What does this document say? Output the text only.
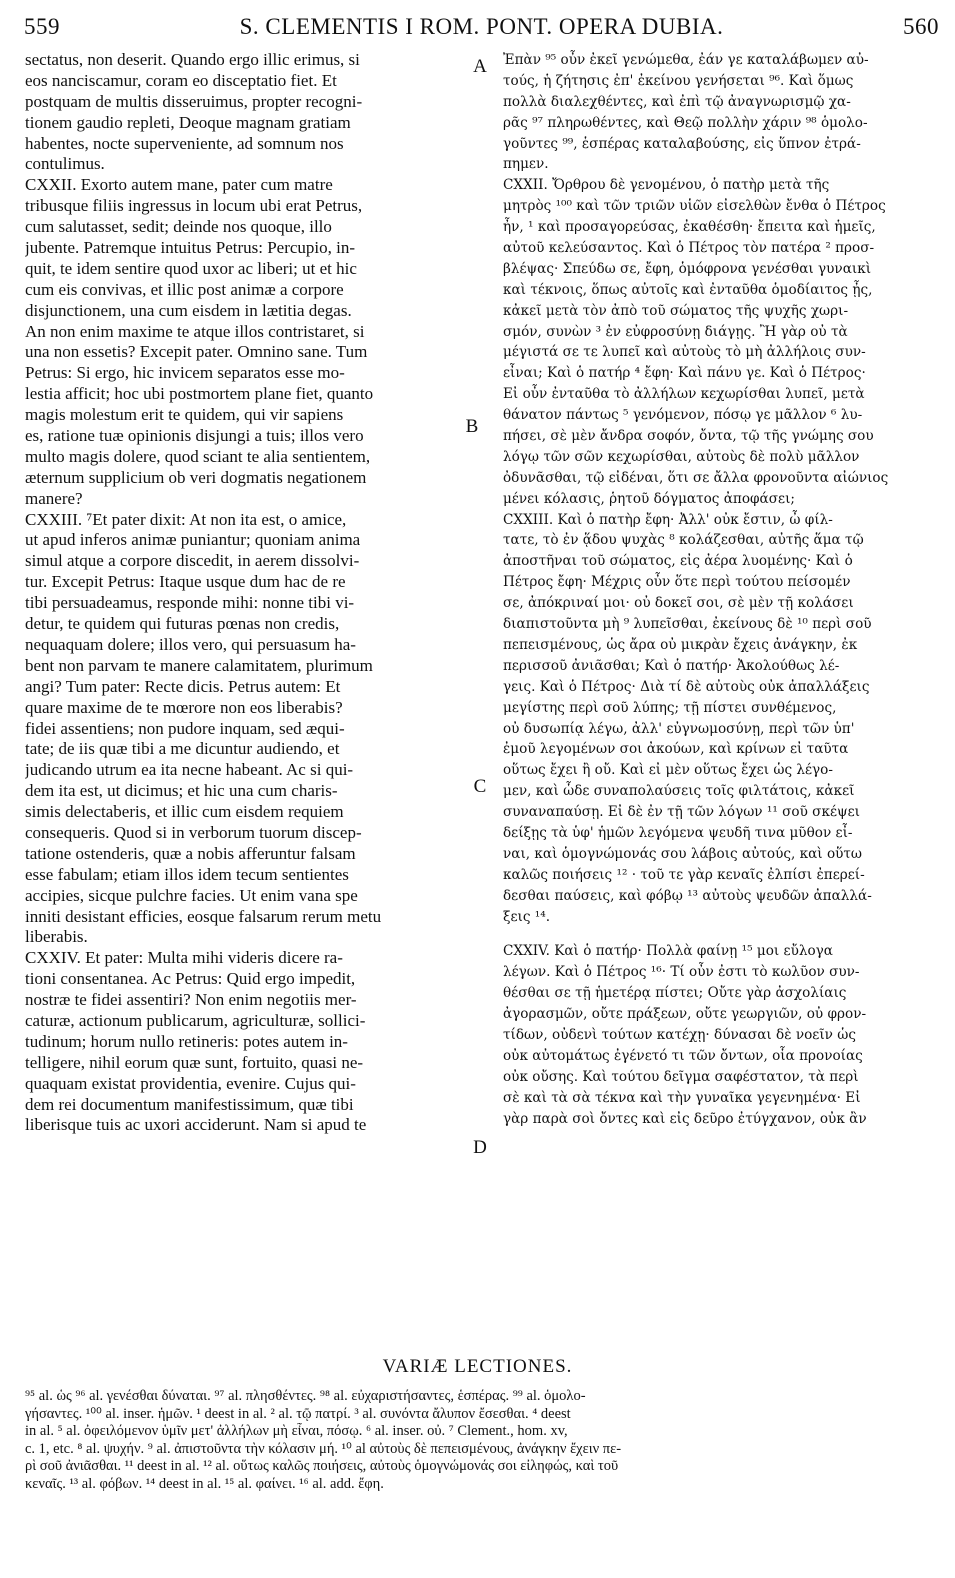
559	S. CLEMENTIS I ROM. PONT. OPERA DUBIA.	560
sectatus, non deserit. Quando ergo illic erimus, si
eos nanciscamur, coram eo disceptatio fiet. Et
postquam de multis disseruimus, propter recogni-
tionem gaudio repleti, Deoque magnam gratiam
habentes, nocte superveniente, ad somnum nos
contulimus.
CXXII. Exorto autem mane, pater cum matre
tribusque filiis ingressus in locum ubi erat Petrus,
cum salutasset, sedit; deinde nos quoque, illo
jubente. Patremque intuitus Petrus: Percupio, in-
quit, te idem sentire quod uxor ac liberi; ut et hic
cum eis convivas, et illic post animæ a corpore
disjunctionem, una cum eisdem in lætitia degas.
An non enim maxime te atque illos contristaret, si
una non essetis? Excepit pater. Omnino sane. Tum
Petrus: Si ergo, hic invicem separatos esse mo-
lestia afficit; hoc ubi postmortem plane fiet, quanto
magis molestum erit te quidem, qui vir sapiens
es, ratione tuæ opinionis disjungi a tuis; illos vero
multo magis dolere, quod sciant te alia sentientem,
æternum supplicium ob veri dogmatis negationem
manere?
CXXIII. ⁷Et pater dixit: At non ita est, o amice,
ut apud inferos animæ puniantur; quoniam anima
simul atque a corpore discedit, in aerem dissolvi-
tur. Excepit Petrus: Itaque usque dum hac de re
tibi persuadeamus, responde mihi: nonne tibi vi-
detur, te quidem qui futuras pœnas non credis,
nequaquam dolere; illos vero, qui persuasum ha-
bent non parvam te manere calamitatem, plurimum
angi? Tum pater: Recte dicis. Petrus autem: Et
quare maxime de te mœrore non eos liberabis?
fidei assentiens; non pudore inquam, sed æqui-
tate; de iis quæ tibi a me dicuntur audiendo, et
judicando utrum ea ita necne habeant. Ac si qui-
dem ita est, ut dicimus; et hic una cum charis-
simis delectaberis, et illic cum eisdem requiem
consequeris. Quod si in verborum tuorum discep-
tatione ostenderis, quæ a nobis afferuntur falsam
esse fabulam; etiam illos idem tecum sentientes
accipies, sicque pulchre facies. Ut enim vana spe
inniti desistant efficies, eosque falsarum rerum metu
liberabis.
CXXIV. Et pater: Multa mihi videris dicere ra-
tioni consentanea. Ac Petrus: Quid ergo impedit,
nostræ te fidei assentiri? Non enim negotiis mer-
caturæ, actionum publicarum, agriculturæ, sollici-
tudinum; horum nullo retineris: potes autem in-
telligere, nihil eorum quæ sunt, fortuito, quasi ne-
quaquam existat providentia, evenire. Cujus qui-
dem rei documentum manifestissimum, quæ tibi
liberisque tuis ac uxori acciderunt. Nam si apud te
Ἐπὰν ⁹⁵ οὖν ἐκεῖ γενώμεθα, ἐάν γε καταλάβωμεν αὐ-
τούς, ἡ ζήτησις ἐπ' ἐκείνου γενήσεται ⁹⁶. Καὶ ὅμως
πολλὰ διαλεχθέντες, καὶ ἐπὶ τῷ ἀναγνωρισμῷ χα-
ρᾶς ⁹⁷ πληρωθέντες, καὶ Θεῷ πολλὴν χάριν ⁹⁸ ὁμολο-
γοῦντες ⁹⁹, ἑσπέρας καταλαβούσης, εἰς ὕπνον ἐτρά-
πημεν.
CXXII. Ὄρθρου δὲ γενομένου, ὁ πατὴρ μετὰ τῆς
μητρὸς ¹⁰⁰ καὶ τῶν τριῶν υἱῶν εἰσελθὼν ἔνθα ὁ Πέτρος
ἦν, ¹ καὶ προσαγορεύσας, ἐκαθέσθη· ἔπειτα καὶ ἡμεῖς,
αὐτοῦ κελεύσαντος. Καὶ ὁ Πέτρος τὸν πατέρα ² προσ-
βλέψας· Σπεύδω σε, ἔφη, ὁμόφρονα γενέσθαι γυναικὶ
καὶ τέκνοις, ὅπως αὐτοῖς καὶ ἐνταῦθα ὁμοδίαιτος ᾖς,
κἀκεῖ μετὰ τὸν ἀπὸ τοῦ σώματος τῆς ψυχῆς χωρι-
σμόν, συνὼν ³ ἐν εὐφροσύνῃ διάγῃς. Ἢ γὰρ οὐ τὰ
μέγιστά σε τε λυπεῖ καὶ αὐτοὺς τὸ μὴ ἀλλήλοις συν-
εἶναι; Καὶ ὁ πατήρ ⁴ ἔφη· Καὶ πάνυ γε. Καὶ ὁ Πέτρος·
Εἰ οὖν ἐνταῦθα τὸ ἀλλήλων κεχωρίσθαι λυπεῖ, μετὰ
θάνατον πάντως ⁵ γενόμενον, πόσῳ γε μᾶλλον ⁶ λυ-
πήσει, σὲ μὲν ἄνδρα σοφόν, ὄντα, τῷ τῆς γνώμης σου
λόγῳ τῶν σῶν κεχωρίσθαι, αὐτοὺς δὲ πολὺ μᾶλλον
ὀδυνᾶσθαι, τῷ εἰδέναι, ὅτι σε ἄλλα φρονοῦντα αἰώνιος
μένει κόλασις, ῥητοῦ δόγματος ἀποφάσει;
CXXIII. Καὶ ὁ πατὴρ ἔφη· Ἀλλ' οὐκ ἔστιν, ὦ φίλ-
τατε, τὸ ἐν ᾅδου ψυχὰς ⁸ κολάζεσθαι, αὐτῆς ἅμα τῷ
ἀποστῆναι τοῦ σώματος, εἰς ἀέρα λυομένης· Καὶ ὁ
Πέτρος ἔφη· Μέχρις οὖν ὅτε περὶ τούτου πείσομέν
σε, ἀπόκριναί μοι· οὐ δοκεῖ σοι, σὲ μὲν τῇ κολάσει
διαπιστοῦντα μὴ ⁹ λυπεῖσθαι, ἐκείνους δὲ ¹⁰ περὶ σοῦ
πεπεισμένους, ὡς ἄρα οὐ μικρὰν ἔχεις ἀνάγκην, ἐκ
περισσοῦ ἀνιᾶσθαι; Καὶ ὁ πατήρ· Ἀκολούθως λέ-
γεις. Καὶ ὁ Πέτρος· Διὰ τί δὲ αὐτοὺς οὐκ ἀπαλλάξεις
μεγίστης περὶ σοῦ λύπης; τῇ πίστει συνθέμενος,
οὐ δυσωπίᾳ λέγω, ἀλλ' εὐγνωμοσύνῃ, περὶ τῶν ὑπ'
ἐμοῦ λεγομένων σοι ἀκούων, καὶ κρίνων εἰ ταῦτα
οὕτως ἔχει ἢ οὔ. Καὶ εἰ μὲν οὕτως ἔχει ὡς λέγο-
μεν, καὶ ὧδε συναπολαύσεις τοῖς φιλτάτοις, κἀκεῖ
συναναπαύσῃ. Εἰ δὲ ἐν τῇ τῶν λόγων ¹¹ σοῦ σκέψει
δείξῃς τὰ ὑφ' ἡμῶν λεγόμενα ψευδῆ τινα μῦθον εἶ-
ναι, καὶ ὁμογνώμονάς σου λάβοις αὐτούς, καὶ οὕτω
καλῶς ποιήσεις ¹² · τοῦ τε γὰρ κεναῖς ἐλπίσι ἐπερεί-
δεσθαι παύσεις, καὶ φόβῳ ¹³ αὐτοὺς ψευδῶν ἀπαλλά-
ξεις ¹⁴.
CXXIV. Καὶ ὁ πατήρ· Πολλὰ φαίνῃ ¹⁵ μοι εὔλογα
λέγων. Καὶ ὁ Πέτρος ¹⁶· Τί οὖν ἐστι τὸ κωλῦον συν-
θέσθαι σε τῇ ἡμετέρᾳ πίστει; Οὔτε γὰρ ἀσχολίαις
ἀγορασμῶν, οὔτε πράξεων, οὔτε γεωργιῶν, οὐ φρον-
τίδων, οὐδενὶ τούτων κατέχῃ· δύνασαι δὲ νοεῖν ὡς
οὐκ αὐτομάτως ἐγένετό τι τῶν ὄντων, οἷα προνοίας
οὐκ οὔσης. Καὶ τούτου δεῖγμα σαφέστατον, τὰ περὶ
σὲ καὶ τὰ σὰ τέκνα καὶ τὴν γυναῖκα γεγενημένα· Εἰ
γὰρ παρὰ σοὶ ὄντες καὶ εἰς δεῦρο ἐτύγχανον, οὐκ ἂν
A
B
C
D
VARIÆ LECTIONES.
⁹⁵ al. ὡς ⁹⁶ al. γενέσθαι δύναται. ⁹⁷ al. πλησθέντες. ⁹⁸ al. εὐχαριστήσαντες, ἑσπέρας. ⁹⁹ al. ὁμολο-
γήσαντες. ¹⁰⁰ al. inser. ἡμῶν. ¹ deest in al. ² al. τῷ πατρί. ³ al. συνόντα ἄλυπον ἔσεσθαι. ⁴ deest
in al. ⁵ al. ὀφειλόμενον ὑμῖν μετ' ἀλλήλων μὴ εἶναι, πόσῳ. ⁶ al. inser. οὐ. ⁷ Clement., hom. xv,
c. 1, etc. ⁸ al. ψυχήν. ⁹ al. ἀπιστοῦντα τὴν κόλασιν μή. ¹⁰ al αὐτοὺς δὲ πεπεισμένους, ἀνάγκην ἔχειν πε-
ρὶ σοῦ ἀνιᾶσθαι. ¹¹ deest in al. ¹² al. οὕτως καλῶς ποιήσεις, αὐτοὺς ὁμογνώμονάς σοι εἰληφώς, καὶ τοῦ
κεναῖς. ¹³ al. φόβων. ¹⁴ deest in al. ¹⁵ al. φαίνει. ¹⁶ al. add. ἔφη.
